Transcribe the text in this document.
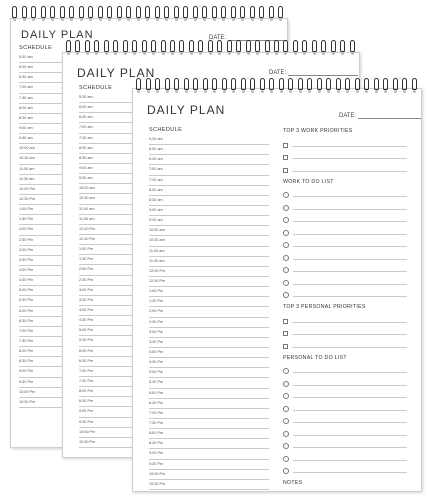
DAILY PLAN	DATE:
SCHEDULE
5:30 am
6:00 am
6:30 am
7:00 am
7:30 am
8:00 am
8:30 am
9:00 am
9:30 am
10:00 am
10:30 am
11:00 am
11:30 am
12:00 Pm
12:30 Pm
1:00 Pm
1:30 Pm
2:00 Pm
2:30 Pm
3:00 Pm
3:30 Pm
4:00 Pm
4:30 Pm
5:00 Pm
5:30 Pm
6:00 Pm
6:30 Pm
7:00 Pm
7:30 Pm
8:00 Pm
8:30 Pm
9:00 Pm
9:30 Pm
10:00 Pm
10:30 Pm
DAILY PLAN	DATE:
SCHEDULE
5:30 am
6:00 am
6:30 am
7:00 am
7:30 am
8:00 am
8:30 am
9:00 am
9:30 am
10:00 am
10:30 am
11:00 am
11:30 am
12:00 Pm
12:30 Pm
1:00 Pm
1:30 Pm
2:00 Pm
2:30 Pm
3:00 Pm
3:30 Pm
4:00 Pm
4:30 Pm
5:00 Pm
5:30 Pm
6:00 Pm
6:30 Pm
7:00 Pm
7:30 Pm
8:00 Pm
8:30 Pm
9:00 Pm
9:30 Pm
10:00 Pm
10:30 Pm
DAILY PLAN	DATE:
SCHEDULE
5:30 am
6:00 am
6:30 am
7:00 am
7:30 am
8:00 am
8:30 am
9:00 am
9:30 am
10:00 am
10:30 am
11:00 am
11:30 am
12:00 Pm
12:30 Pm
1:00 Pm
1:30 Pm
2:00 Pm
2:30 Pm
3:00 Pm
3:30 Pm
4:00 Pm
4:30 Pm
5:00 Pm
5:30 Pm
6:00 Pm
6:30 Pm
7:00 Pm
7:30 Pm
8:00 Pm
8:30 Pm
9:00 Pm
9:30 Pm
10:00 Pm
10:30 Pm
TOP 3 WORK PRIORITIES
WORK TO DO LIST
TOP 3 PERSONAL PRIORITIES
PERSONAL TO DO LIST
NOTES
